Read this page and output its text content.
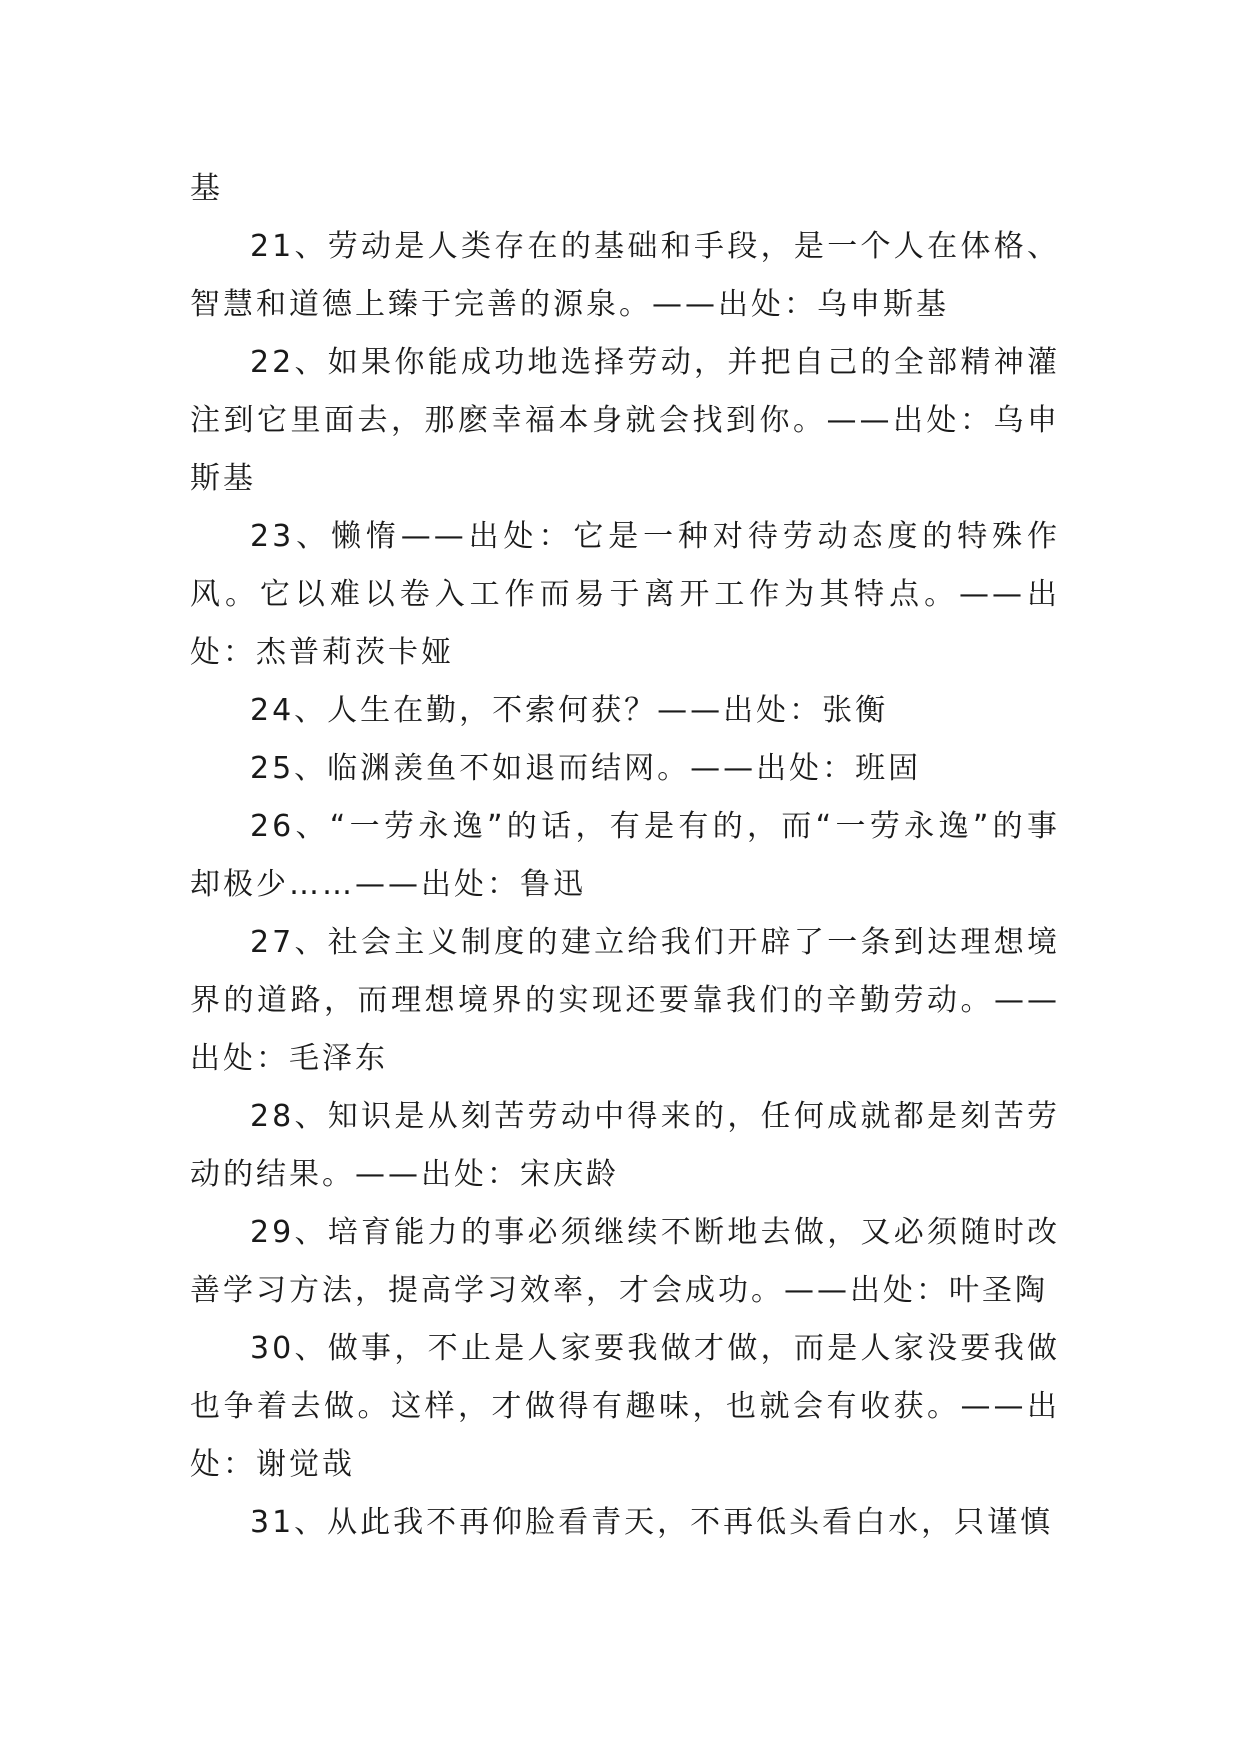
基

21、劳动是人类存在的基础和手段，是一个人在体格、智慧和道德上臻于完善的源泉。——出处：乌申斯基

22、如果你能成功地选择劳动，并把自己的全部精神灌注到它里面去，那麽幸福本身就会找到你。——出处：乌申斯基

23、懒惰——出处：它是一种对待劳动态度的特殊作风。它以难以卷入工作而易于离开工作为其特点。——出处：杰普莉茨卡娅

24、人生在勤，不索何获？——出处：张衡

25、临渊羡鱼不如退而结网。——出处：班固

26、“一劳永逸”的话，有是有的，而“一劳永逸”的事却极少……——出处：鲁迅

27、社会主义制度的建立给我们开辟了一条到达理想境界的道路，而理想境界的实现还要靠我们的辛勤劳动。——出处：毛泽东

28、知识是从刻苦劳动中得来的，任何成就都是刻苦劳动的结果。——出处：宋庆龄

29、培育能力的事必须继续不断地去做，又必须随时改善学习方法，提高学习效率，才会成功。——出处：叶圣陶

30、做事，不止是人家要我做才做，而是人家没要我做也争着去做。这样，才做得有趣味，也就会有收获。——出处：谢觉哉

31、从此我不再仰脸看青天，不再低头看白水，只谨慎
